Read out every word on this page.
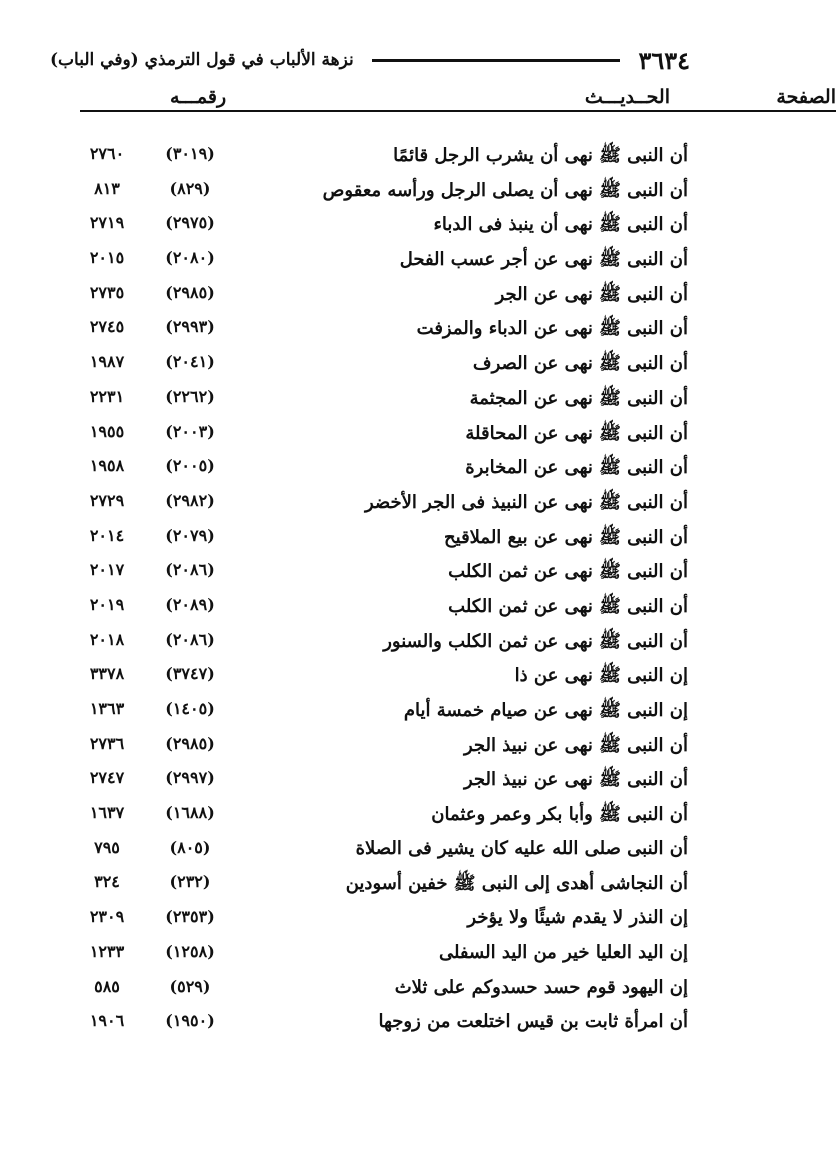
٣٦٣٤
نزهة الألباب في قول الترمذي (وفي الباب)
الحــديـــث
رقمـــه	الصفحة
أن النبى ﷺ نهى أن يشرب الرجل قائمًا
(٣٠١٩)
٢٧٦٠
أن النبى ﷺ نهى أن يصلى الرجل ورأسه معقوص
(٨٢٩)
٨١٣
أن النبى ﷺ نهى أن ينبذ فى الدباء
(٢٩٧٥)
٢٧١٩
أن النبى ﷺ نهى عن أجر عسب الفحل
(٢٠٨٠)
٢٠١٥
أن النبى ﷺ نهى عن الجر
(٢٩٨٥)
٢٧٣٥
أن النبى ﷺ نهى عن الدباء والمزفت
(٢٩٩٣)
٢٧٤٥
أن النبى ﷺ نهى عن الصرف
(٢٠٤١)
١٩٨٧
أن النبى ﷺ نهى عن المجثمة
(٢٢٦٢)
٢٢٣١
أن النبى ﷺ نهى عن المحاقلة
(٢٠٠٣)
١٩٥٥
أن النبى ﷺ نهى عن المخابرة
(٢٠٠٥)
١٩٥٨
أن النبى ﷺ نهى عن النبيذ فى الجر الأخضر
(٢٩٨٢)
٢٧٢٩
أن النبى ﷺ نهى عن بيع الملاقيح
(٢٠٧٩)
٢٠١٤
أن النبى ﷺ نهى عن ثمن الكلب
(٢٠٨٦)
٢٠١٧
أن النبى ﷺ نهى عن ثمن الكلب
(٢٠٨٩)
٢٠١٩
أن النبى ﷺ نهى عن ثمن الكلب والسنور
(٢٠٨٦)
٢٠١٨
إن النبى ﷺ نهى عن ذا
(٣٧٤٧)
٣٣٧٨
إن النبى ﷺ نهى عن صيام خمسة أيام
(١٤٠٥)
١٣٦٣
أن النبى ﷺ نهى عن نبيذ الجر
(٢٩٨٥)
٢٧٣٦
أن النبى ﷺ نهى عن نبيذ الجر
(٢٩٩٧)
٢٧٤٧
أن النبى ﷺ وأبا بكر وعمر وعثمان
(١٦٨٨)
١٦٣٧
أن النبى صلى الله عليه كان يشير فى الصلاة
(٨٠٥)
٧٩٥
أن النجاشى أهدى إلى النبى ﷺ خفين أسودين
(٢٣٢)
٣٢٤
إن النذر لا يقدم شيئًا ولا يؤخر
(٢٣٥٣)
٢٣٠٩
إن اليد العليا خير من اليد السفلى
(١٢٥٨)
١٢٣٣
إن اليهود قوم حسد حسدوكم على ثلاث
(٥٢٩)
٥٨٥
أن امرأة ثابت بن قيس اختلعت من زوجها
(١٩٥٠)
١٩٠٦
